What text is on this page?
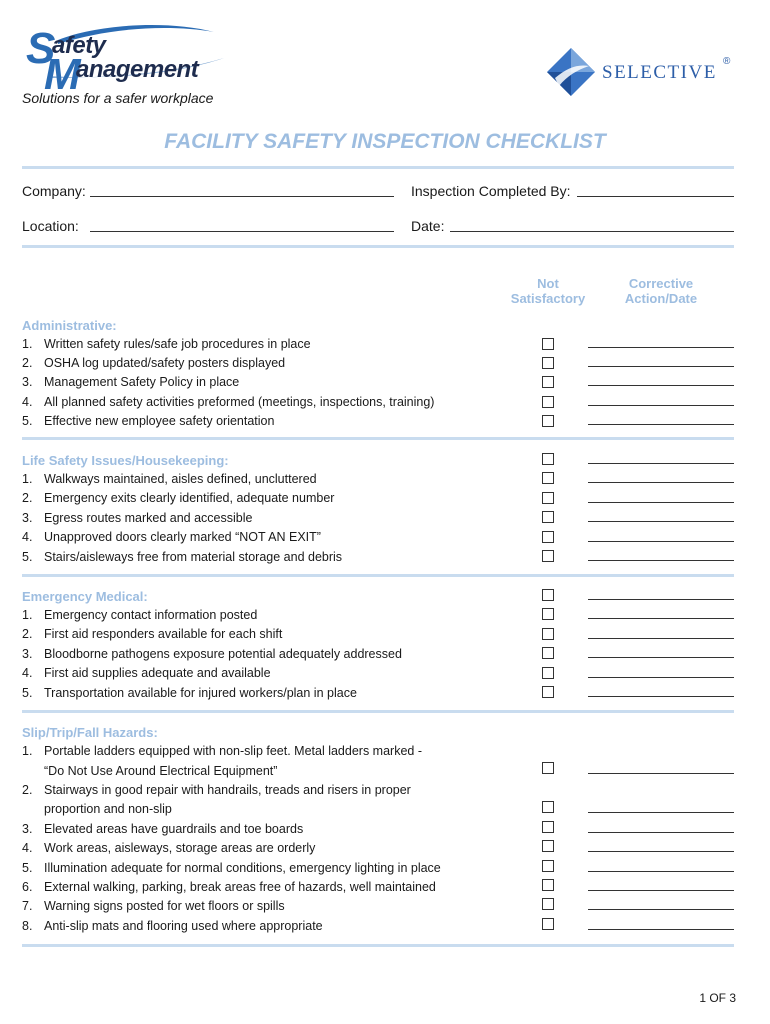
S
afety
M
anagement
Solutions for a safer workplace
SELECTIVE
®
FACILITY SAFETY INSPECTION CHECKLIST
Company:	Inspection Completed By:
Location:	Date:
Not
Satisfactory
Corrective
Action/Date
Administrative:
1. Written safety rules/safe job procedures in place
2. OSHA log updated/safety posters displayed
3. Management Safety Policy in place
4. All planned safety activities preformed (meetings, inspections, training)
5. Effective new employee safety orientation
Life Safety Issues/Housekeeping:
1. Walkways maintained, aisles defined, uncluttered
2. Emergency exits clearly identified, adequate number
3. Egress routes marked and accessible
4. Unapproved doors clearly marked “NOT AN EXIT”
5. Stairs/aisleways free from material storage and debris
Emergency Medical:
1. Emergency contact information posted
2. First aid responders available for each shift
3. Bloodborne pathogens exposure potential adequately addressed
4. First aid supplies adequate and available
5. Transportation available for injured workers/plan in place
Slip/Trip/Fall Hazards:
1. Portable ladders equipped with non-slip feet. Metal ladders marked -
“Do Not Use Around Electrical Equipment”
2. Stairways in good repair with handrails, treads and risers in proper
proportion and non-slip
3. Elevated areas have guardrails and toe boards
4. Work areas, aisleways, storage areas are orderly
5. Illumination adequate for normal conditions, emergency lighting in place
6. External walking, parking, break areas free of hazards, well maintained
7. Warning signs posted for wet floors or spills
8. Anti-slip mats and flooring used where appropriate
1 OF 3
